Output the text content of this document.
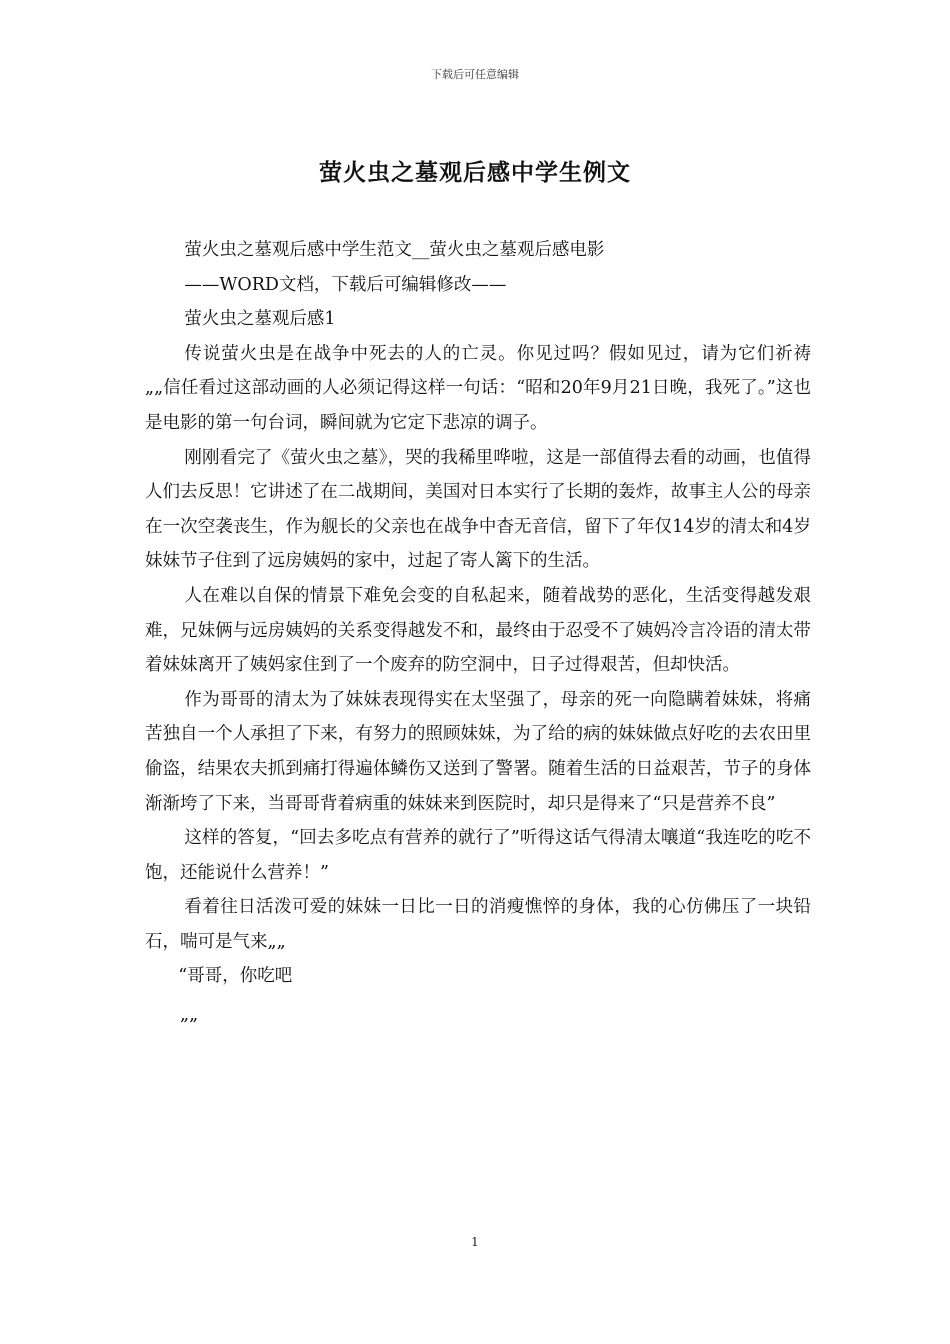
下载后可任意编辑
萤火虫之墓观后感中学生例文

萤火虫之墓观后感中学生范文__萤火虫之墓观后感电影

——WORD文档，下载后可编辑修改——

萤火虫之墓观后感1

传说萤火虫是在战争中死去的人的亡灵。你见过吗？假如见过，请为它们祈祷„„信任看过这部动画的人必须记得这样一句话：“昭和20年9月21日晚，我死了。”这也是电影的第一句台词，瞬间就为它定下悲凉的调子。

刚刚看完了《萤火虫之墓》，哭的我稀里哗啦，这是一部值得去看的动画，也值得人们去反思！它讲述了在二战期间，美国对日本实行了长期的轰炸，故事主人公的母亲在一次空袭丧生，作为舰长的父亲也在战争中杳无音信，留下了年仅14岁的清太和4岁妹妹节子住到了远房姨妈的家中，过起了寄人篱下的生活。

人在难以自保的情景下难免会变的自私起来，随着战势的恶化，生活变得越发艰难，兄妹俩与远房姨妈的关系变得越发不和，最终由于忍受不了姨妈冷言冷语的清太带着妹妹离开了姨妈家住到了一个废弃的防空洞中，日子过得艰苦，但却快活。

作为哥哥的清太为了妹妹表现得实在太坚强了，母亲的死一向隐瞒着妹妹，将痛苦独自一个人承担了下来，有努力的照顾妹妹，为了给的病的妹妹做点好吃的去农田里偷盗，结果农夫抓到痛打得遍体鳞伤又送到了警署。随着生活的日益艰苦，节子的身体渐渐垮了下来，当哥哥背着病重的妹妹来到医院时，却只是得来了“只是营养不良”

这样的答复，“回去多吃点有营养的就行了”听得这话气得清太嚷道“我连吃的吃不饱，还能说什么营养！”

看着往日活泼可爱的妹妹一日比一日的消瘦憔悴的身体，我的心仿佛压了一块铅石，喘可是气来„„

“哥哥，你吃吧

„„

1
